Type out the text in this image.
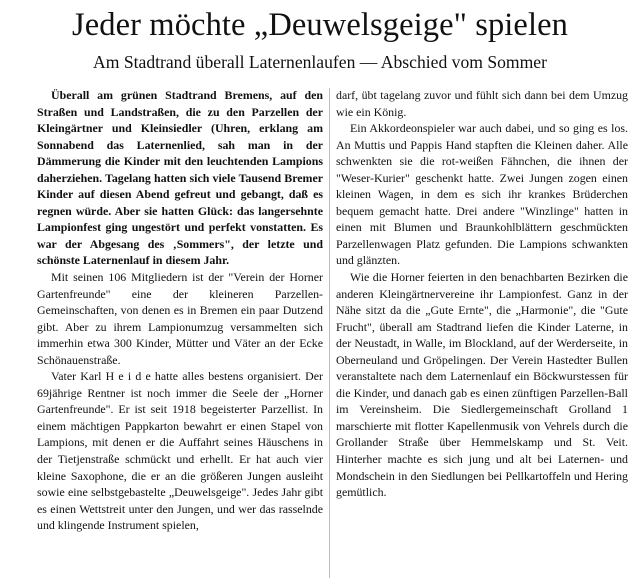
Jeder möchte „Deuwelsgeige" spielen
Am Stadtrand überall Laternenlaufen — Abschied vom Sommer

Überall am grünen Stadtrand Bremens, auf den Straßen und Landstraßen, die zu den Parzellen der Kleingärtner und Kleinsiedler (Uhren, erklang am Sonnabend das Laternenlied, sah man in der Dämmerung die Kinder mit den leuchtenden Lampions daherziehen. Tagelang hatten sich viele Tausend Bremer Kinder auf diesen Abend gefreut und gebangt, daß es regnen würde. Aber sie hatten Glück: das langersehnte Lampionfest ging ungestört und perfekt vonstatten. Es war der Abgesang des ‚Sommers", der letzte und schönste Laternenlauf in diesem Jahr.

Mit seinen 106 Mitgliedern ist der "Verein der Horner Gartenfreunde" eine der kleineren Parzellen-Gemeinschaften, von denen es in Bremen ein paar Dutzend gibt. Aber zu ihrem Lampionumzug versammelten sich immerhin etwa 300 Kinder, Mütter und Väter an der Ecke Schönauenstraße.

Vater Karl H e i d e hatte alles bestens organisiert. Der 69jährige Rentner ist noch immer die Seele der „Horner Gartenfreunde". Er ist seit 1918 begeisterter Parzellist. In einem mächtigen Pappkarton bewahrt er einen Stapel von Lampions, mit denen er die Auffahrt seines Häuschens in der Tietjenstraße schmückt und erhellt. Er hat auch vier kleine Saxophone, die er an die größeren Jungen ausleiht sowie eine selbstgebastelte „Deuwelsgeige". Jedes Jahr gibt es einen Wettstreit unter den Jungen, und wer das rasselnde und klingende Instrument spielen,

darf, übt tagelang zuvor und fühlt sich dann bei dem Umzug wie ein König.

Ein Akkordeonspieler war auch dabei, und so ging es los. An Muttis und Pappis Hand stapften die Kleinen daher. Alle schwenkten sie die rot-weißen Fähnchen, die ihnen der "Weser-Kurier" geschenkt hatte. Zwei Jungen zogen einen kleinen Wagen, in dem es sich ihr krankes Brüderchen bequem gemacht hatte. Drei andere "Winzlinge" hatten in einen mit Blumen und Braunkohlblättern geschmückten Parzellenwagen Platz gefunden. Die Lampions schwankten und glänzten.

Wie die Horner feierten in den benachbarten Bezirken die anderen Kleingärtnervereine ihr Lampionfest. Ganz in der Nähe sitzt da die „Gute Ernte", die „Harmonie", die "Gute Frucht", überall am Stadtrand liefen die Kinder Laterne, in der Neustadt, in Walle, im Blockland, auf der Werderseite, in Oberneuland und Gröpelingen. Der Verein Hastedter Bullen veranstaltete nach dem Laternenlauf ein Böckwurstessen für die Kinder, und danach gab es einen zünftigen Parzellen-Ball im Vereinsheim. Die Siedlergemeinschaft Grolland 1 marschierte mit flotter Kapellenmusik von Vehrels durch die Grollander Straße über Hemmelskamp und St. Veit. Hinterher machte es sich jung und alt bei Laternen- und Mondschein in den Siedlungen bei Pellkartoffeln und Hering gemütlich.
